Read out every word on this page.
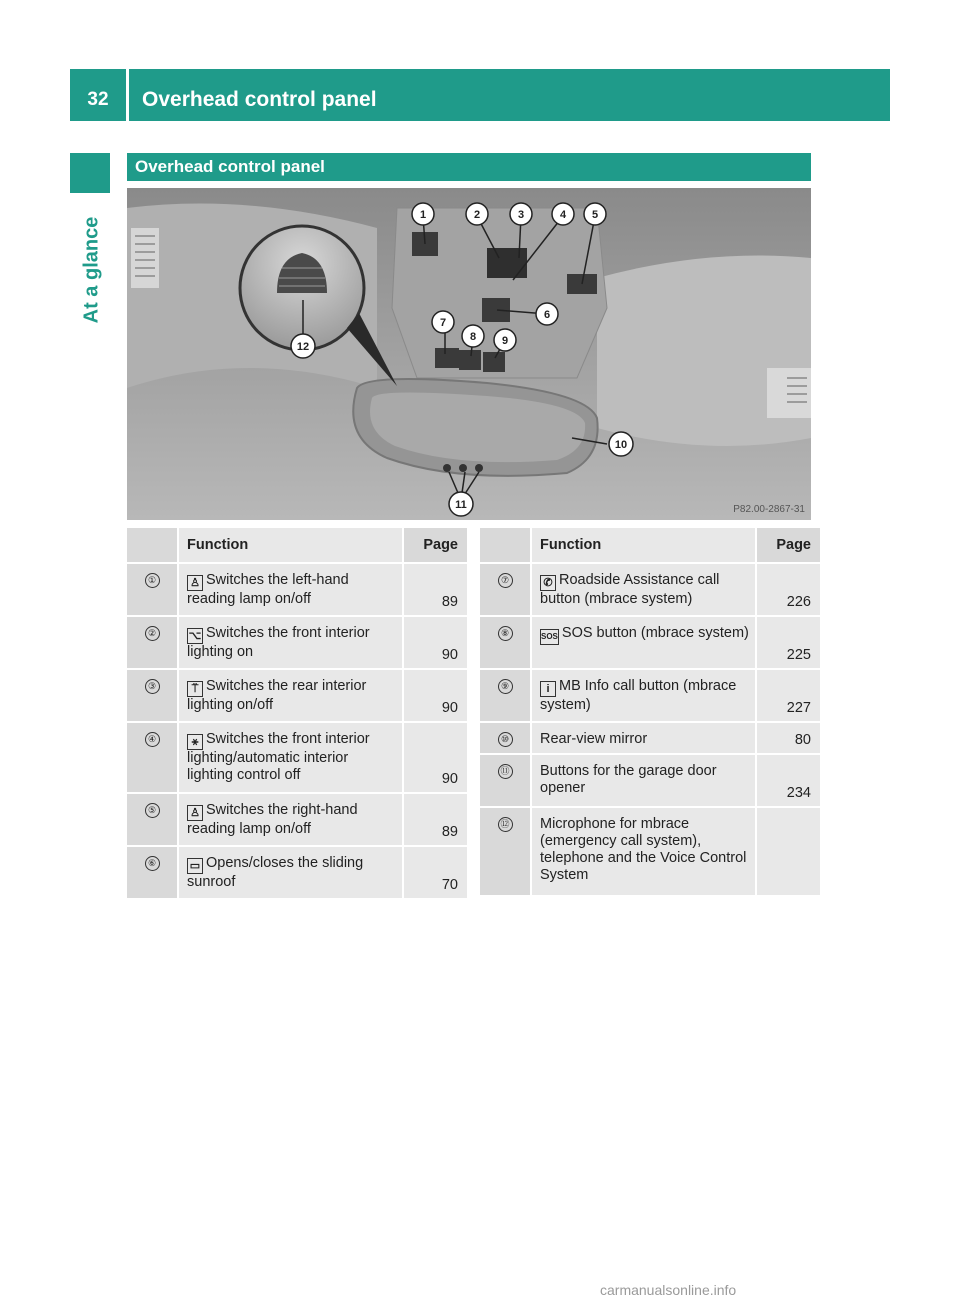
32	Overhead control panel
At a glance
Overhead control panel
1	2	3	4 5
6
7
8 9
10
11
12
P82.00-2867-31
	Function	Page
①	♙ Switches the left-hand reading lamp on/off	89
②	⌥ Switches the front interior lighting on	90
③	⍡ Switches the rear interior lighting on/off	90
④	⚹ Switches the front interior lighting/automatic interior lighting control off	90
⑤	♙ Switches the right-hand reading lamp on/off	89
⑥	▭ Opens/closes the sliding sunroof	70
	Function	Page
⑦	✆ Roadside Assistance call button (mbrace system)	226
⑧	SOS SOS button (mbrace system)	225
⑨	i MB Info call button (mbrace system)	227
⑩	Rear-view mirror	80
⑪	Buttons for the garage door opener	234
⑫	Microphone for mbrace (emergency call system), telephone and the Voice Control System	
carmanualsonline.info
